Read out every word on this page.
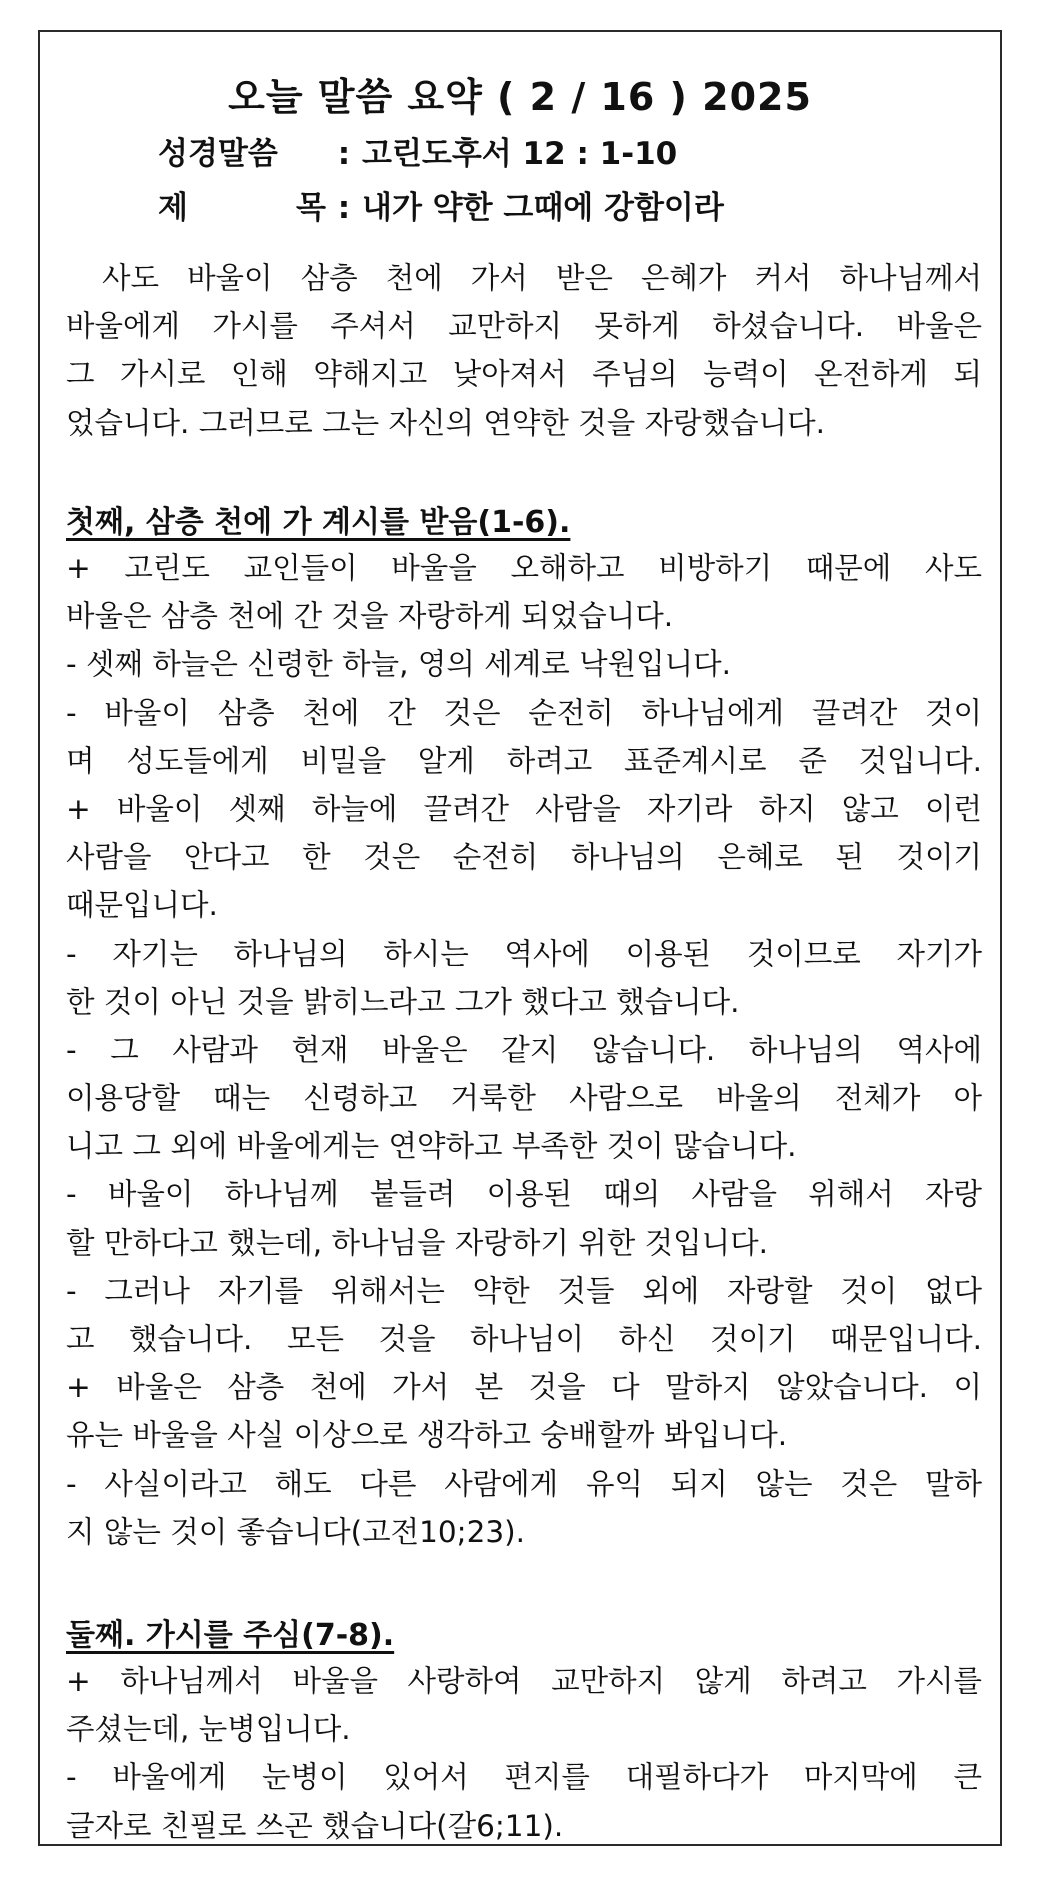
오늘 말씀 요약 ( 2 / 16 ) 2025
성경말씀 : 고린도후서 12 : 1-10
제 목 : 내가 약한 그때에 강함이라
사도 바울이 삼층 천에 가서 받은 은혜가 커서 하나님께서
바울에게 가시를 주셔서 교만하지 못하게 하셨습니다. 바울은
그 가시로 인해 약해지고 낮아져서 주님의 능력이 온전하게 되
었습니다. 그러므로 그는 자신의 연약한 것을 자랑했습니다.
첫째, 삼층 천에 가 계시를 받음(1-6).
+ 고린도 교인들이 바울을 오해하고 비방하기 때문에 사도
바울은 삼층 천에 간 것을 자랑하게 되었습니다.
- 셋째 하늘은 신령한 하늘, 영의 세계로 낙원입니다.
- 바울이 삼층 천에 간 것은 순전히 하나님에게 끌려간 것이
며 성도들에게 비밀을 알게 하려고 표준계시로 준 것입니다.
+ 바울이 셋째 하늘에 끌려간 사람을 자기라 하지 않고 이런
사람을 안다고 한 것은 순전히 하나님의 은혜로 된 것이기
때문입니다.
- 자기는 하나님의 하시는 역사에 이용된 것이므로 자기가
한 것이 아닌 것을 밝히느라고 그가 했다고 했습니다.
- 그 사람과 현재 바울은 같지 않습니다. 하나님의 역사에
이용당할 때는 신령하고 거룩한 사람으로 바울의 전체가 아
니고 그 외에 바울에게는 연약하고 부족한 것이 많습니다.
- 바울이 하나님께 붙들려 이용된 때의 사람을 위해서 자랑
할 만하다고 했는데, 하나님을 자랑하기 위한 것입니다.
- 그러나 자기를 위해서는 약한 것들 외에 자랑할 것이 없다
고 했습니다. 모든 것을 하나님이 하신 것이기 때문입니다.
+ 바울은 삼층 천에 가서 본 것을 다 말하지 않았습니다. 이
유는 바울을 사실 이상으로 생각하고 숭배할까 봐입니다.
- 사실이라고 해도 다른 사람에게 유익 되지 않는 것은 말하
지 않는 것이 좋습니다(고전10;23).
둘째. 가시를 주심(7-8).
+ 하나님께서 바울을 사랑하여 교만하지 않게 하려고 가시를
주셨는데, 눈병입니다.
- 바울에게 눈병이 있어서 편지를 대필하다가 마지막에 큰
글자로 친필로 쓰곤 했습니다(갈6;11).
